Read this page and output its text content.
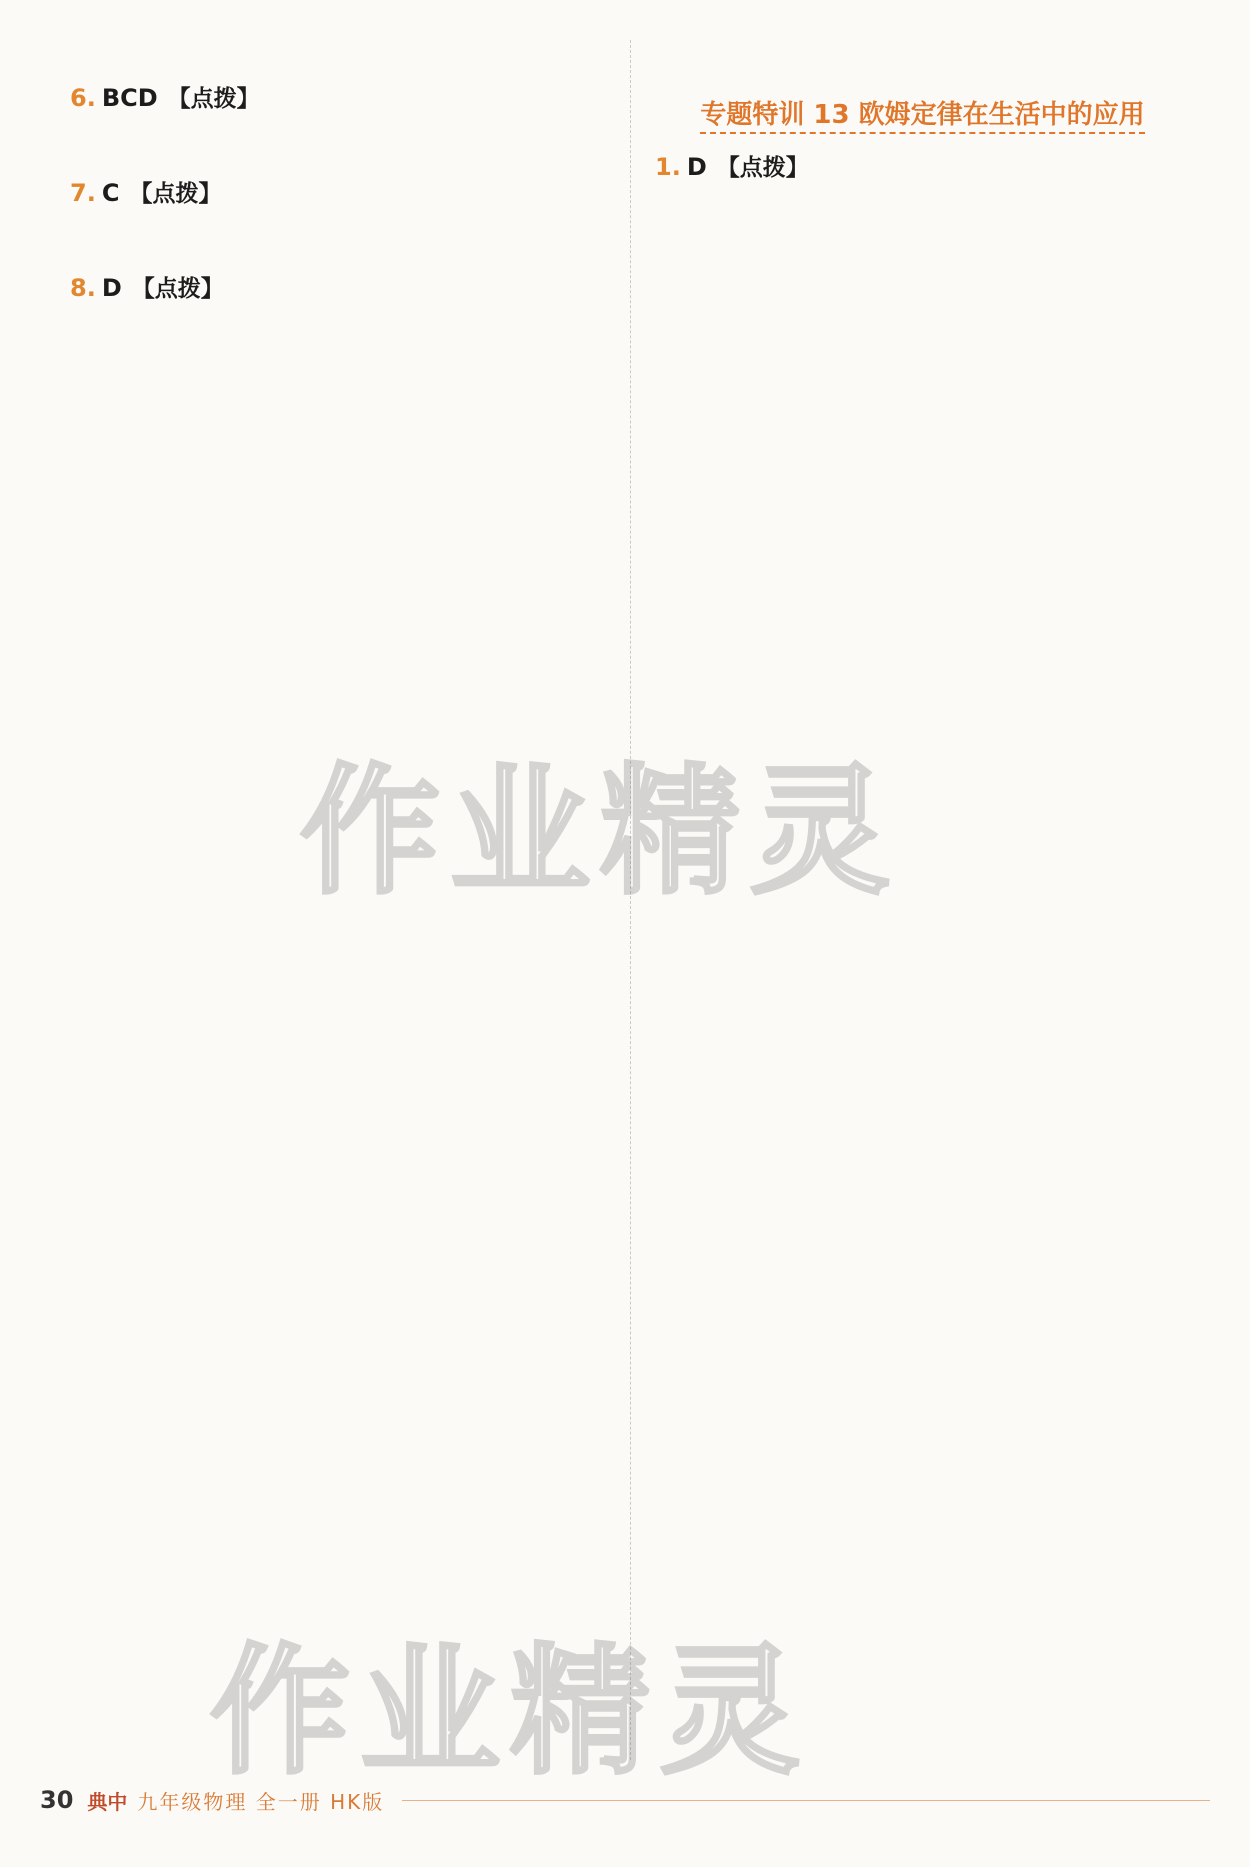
6. BCD 【点拨】
7. C 【点拨】
8. D 【点拨】
专题特训 13 欧姆定律在生活中的应用
1. D 【点拨】
作业精灵
作业精灵
30 典中 九年级物理 全一册 HK版
